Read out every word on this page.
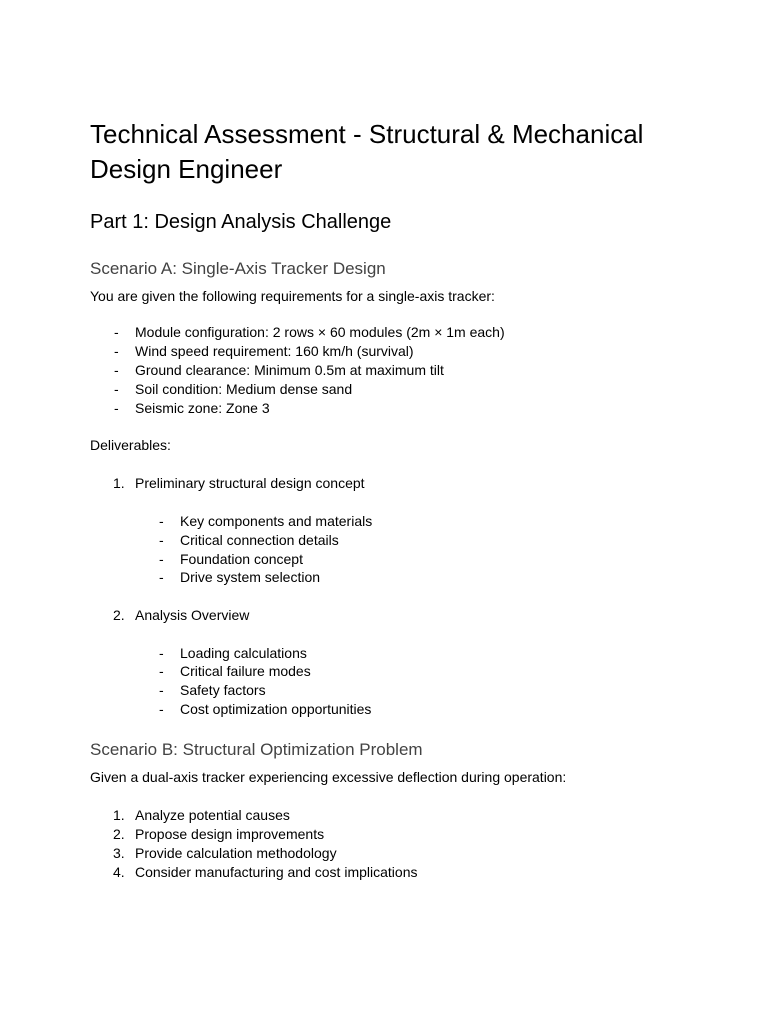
Technical Assessment - Structural & Mechanical Design Engineer
Part 1: Design Analysis Challenge
Scenario A: Single-Axis Tracker Design

You are given the following requirements for a single-axis tracker:

- Module configuration: 2 rows × 60 modules (2m × 1m each)
- Wind speed requirement: 160 km/h (survival)
- Ground clearance: Minimum 0.5m at maximum tilt
- Soil condition: Medium dense sand
- Seismic zone: Zone 3

Deliverables:

1. Preliminary structural design concept
- Key components and materials
- Critical connection details
- Foundation concept
- Drive system selection
2. Analysis Overview
- Loading calculations
- Critical failure modes
- Safety factors
- Cost optimization opportunities
Scenario B: Structural Optimization Problem

Given a dual-axis tracker experiencing excessive deflection during operation:

1. Analyze potential causes
2. Propose design improvements
3. Provide calculation methodology
4. Consider manufacturing and cost implications
